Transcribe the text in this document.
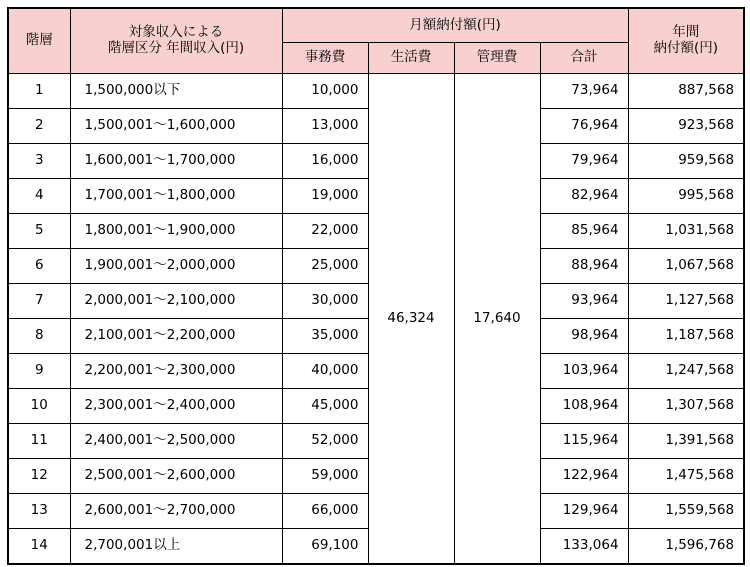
階層	対象収入による
階層区分 年間収入(円)	月額納付額(円)				年間
納付額(円)

		事務費	生活費	管理費	合計	
1	1,500,000以下	10,000	46,324	17,640	73,964	887,568
2	1,500,001～1,600,000	13,000			76,964	923,568
3	1,600,001～1,700,000	16,000			79,964	959,568
4	1,700,001～1,800,000	19,000			82,964	995,568
5	1,800,001～1,900,000	22,000			85,964	1,031,568
6	1,900,001～2,000,000	25,000			88,964	1,067,568
7	2,000,001～2,100,000	30,000			93,964	1,127,568
8	2,100,001～2,200,000	35,000			98,964	1,187,568
9	2,200,001～2,300,000	40,000			103,964	1,247,568
10	2,300,001～2,400,000	45,000			108,964	1,307,568
11	2,400,001～2,500,000	52,000			115,964	1,391,568
12	2,500,001～2,600,000	59,000			122,964	1,475,568
13	2,600,001～2,700,000	66,000			129,964	1,559,568
14	2,700,001以上	69,100			133,064	1,596,768
